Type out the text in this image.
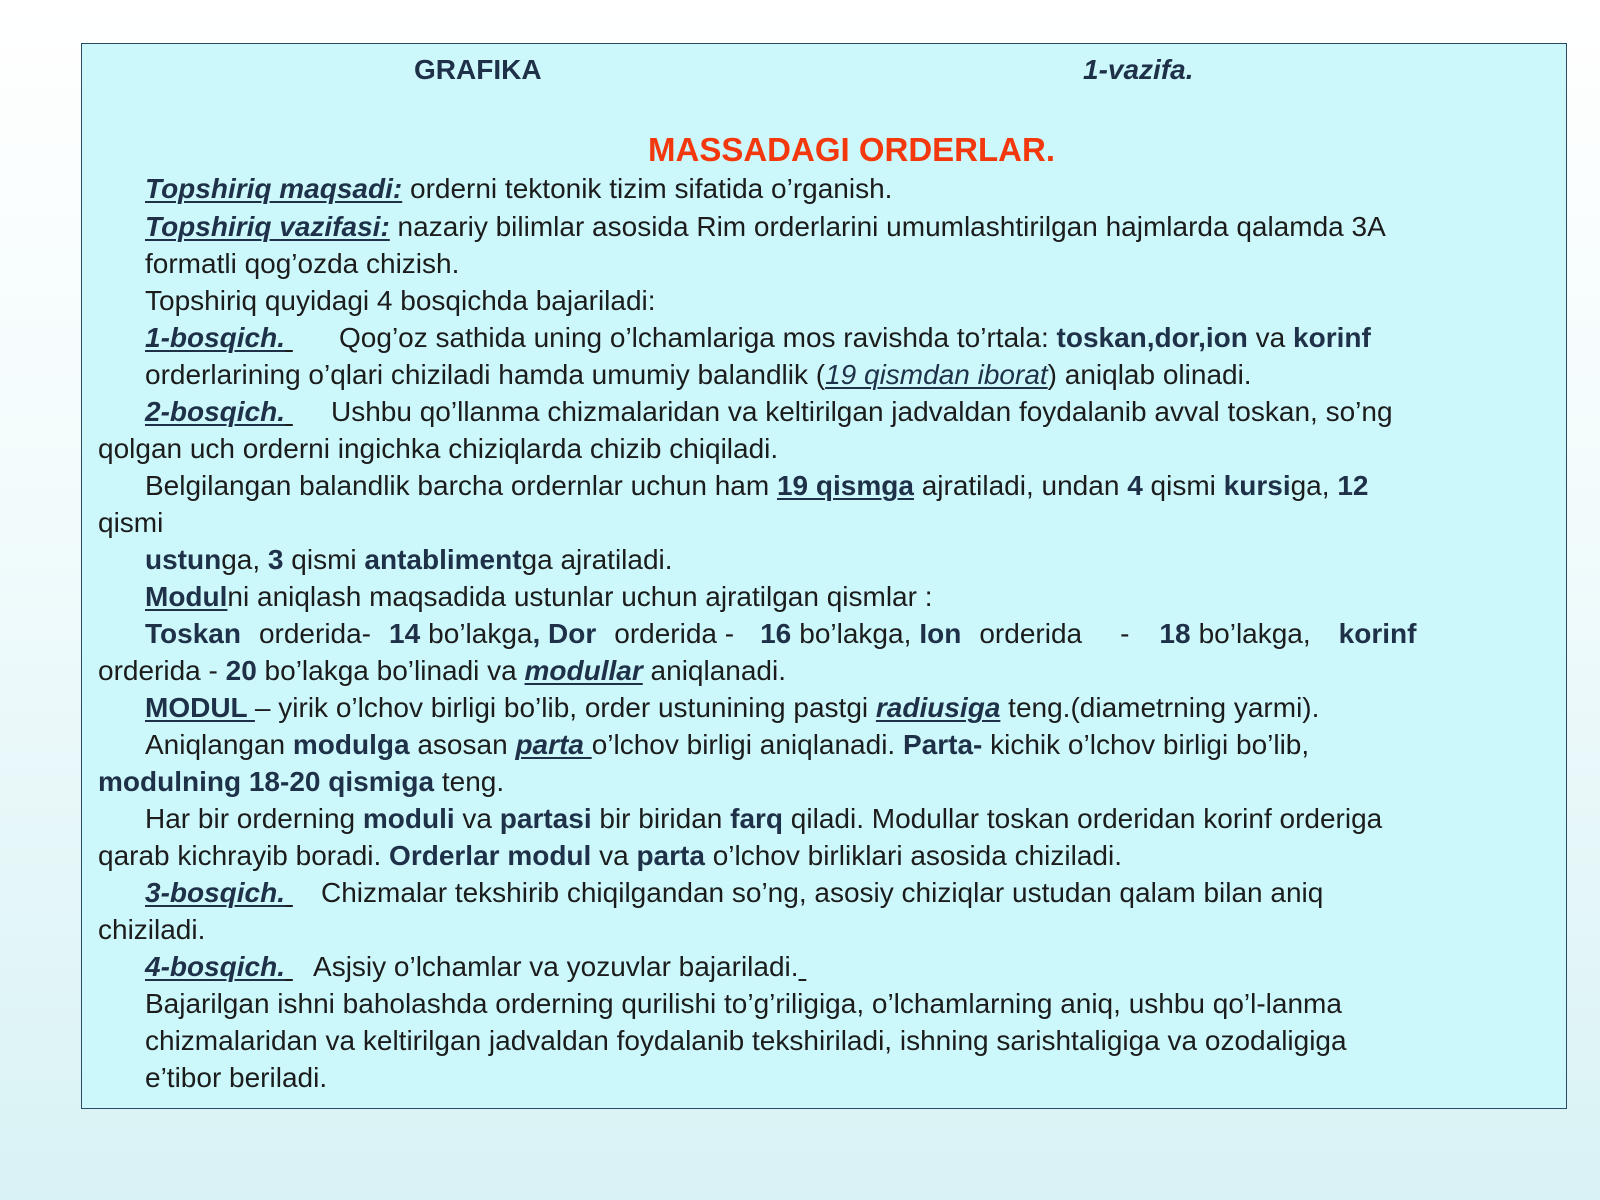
GRAFIKA	1-vazifa.
MASSADAGI ORDERLAR.
Topshiriq maqsadi: orderni tektonik tizim sifatida o’rganish.
Topshiriq vazifasi: nazariy bilimlar asosida Rim orderlarini umumlashtirilgan hajmlarda qalamda 3A
formatli qog’ozda chizish.
Topshiriq quyidagi 4 bosqichda bajariladi:
1-bosqich. Qog’oz sathida uning o’lchamlariga mos ravishda to’rtala: toskan,dor,ion va korinf
orderlarining o’qlari chiziladi hamda umumiy balandlik (19 qismdan iborat) aniqlab olinadi.
2-bosqich. Ushbu qo’llanma chizmalaridan va keltirilgan jadvaldan foydalanib avval toskan, so’ng
qolgan uch orderni ingichka chiziqlarda chizib chiqiladi.
Belgilangan balandlik barcha ordernlar uchun ham 19 qismga ajratiladi, undan 4 qismi kursiga, 12
qismi
ustunga, 3 qismi antablimentga ajratiladi.
Modulni aniqlash maqsadida ustunlar uchun ajratilgan qismlar :
Toskan orderida- 14 bo’lakga, Dor orderida - 16 bo’lakga, Ion orderida - 18 bo’lakga, korinf
orderida - 20 bo’lakga bo’linadi va modullar aniqlanadi.
MODUL – yirik o’lchov birligi bo’lib, order ustunining pastgi radiusiga teng.(diametrning yarmi).
Aniqlangan modulga asosan parta o’lchov birligi aniqlanadi. Parta- kichik o’lchov birligi bo’lib,
modulning 18-20 qismiga teng.
Har bir orderning moduli va partasi bir biridan farq qiladi. Modullar toskan orderidan korinf orderiga
qarab kichrayib boradi. Orderlar modul va parta o’lchov birliklari asosida chiziladi.
3-bosqich. Chizmalar tekshirib chiqilgandan so’ng, asosiy chiziqlar ustudan qalam bilan aniq
chiziladi.
4-bosqich. Asjsiy o’lchamlar va yozuvlar bajariladi.
Bajarilgan ishni baholashda orderning qurilishi to’g’riligiga, o’lchamlarning aniq, ushbu qo’l-lanma
chizmalaridan va keltirilgan jadvaldan foydalanib tekshiriladi, ishning sarishtaligiga va ozodaligiga
e’tibor beriladi.
